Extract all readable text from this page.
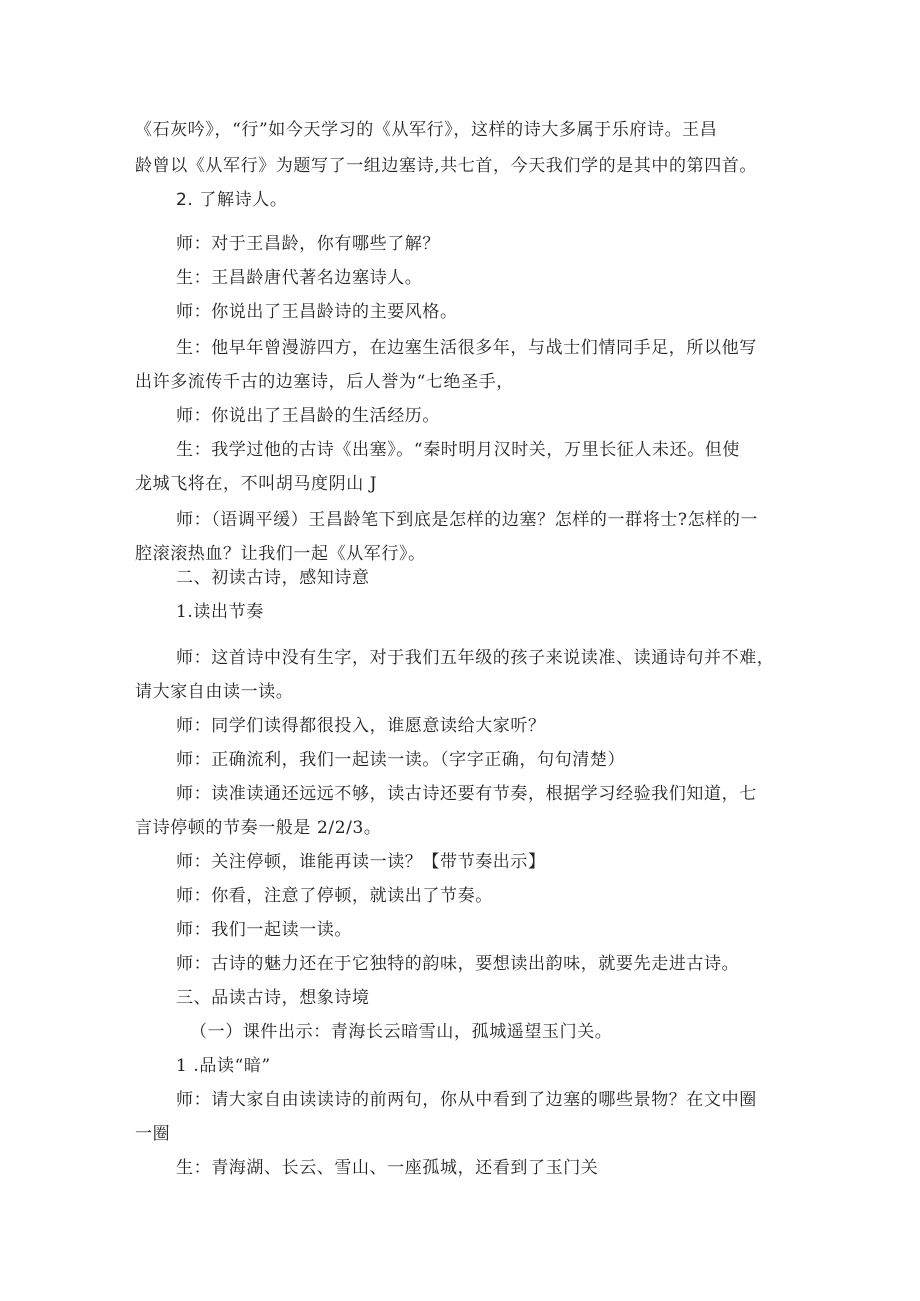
《石灰吟》，“行”如今天学习的《从军行》，这样的诗大多属于乐府诗。王昌
龄曾以《从军行》为题写了一组边塞诗,共七首，今天我们学的是其中的第四首。
2. 了解诗人。
师：对于王昌龄，你有哪些了解？
生：王昌龄唐代著名边塞诗人。
师：你说出了王昌龄诗的主要风格。
生：他早年曾漫游四方，在边塞生活很多年，与战士们情同手足，所以他写
出许多流传千古的边塞诗，后人誉为“七绝圣手，
师：你说出了王昌龄的生活经历。
生：我学过他的古诗《出塞》。“秦时明月汉时关，万里长征人未还。但使
龙城飞将在，不叫胡马度阴山 J
师：（语调平缓）王昌龄笔下到底是怎样的边塞？怎样的一群将士?怎样的一
腔滚滚热血？让我们一起《从军行》。
二、初读古诗，感知诗意
1.读出节奏
师：这首诗中没有生字，对于我们五年级的孩子来说读准、读通诗句并不难，
请大家自由读一读。
师：同学们读得都很投入，谁愿意读给大家听？
师：正确流利，我们一起读一读。（字字正确，句句清楚）
师：读准读通还远远不够，读古诗还要有节奏，根据学习经验我们知道，七
言诗停顿的节奏一般是 2/2/3。
师：关注停顿，谁能再读一读？【带节奏出示】
师：你看，注意了停顿，就读出了节奏。
师：我们一起读一读。
师：古诗的魅力还在于它独特的韵味，要想读出韵味，就要先走进古诗。
三、品读古诗，想象诗境
（一）课件出示：青海长云暗雪山，孤城遥望玉门关。
1 .品读“暗”
师：请大家自由读读诗的前两句，你从中看到了边塞的哪些景物？在文中圈
一圈
生：青海湖、长云、雪山、一座孤城，还看到了玉门关
